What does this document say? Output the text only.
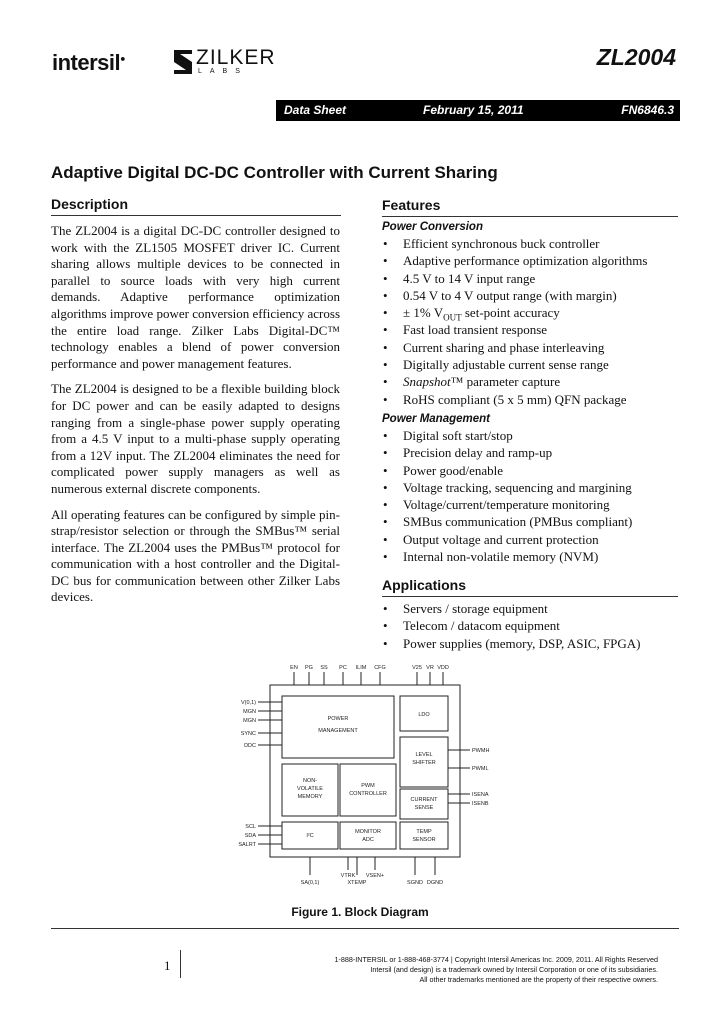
intersil●	ZILKER
LABS
ZL2004
Data Sheet	February 15, 2011	FN6846.3
Adaptive Digital DC-DC Controller with Current Sharing
Description

The ZL2004 is a digital DC-DC controller designed to work with the ZL1505 MOSFET driver IC. Current sharing allows multiple devices to be connected in parallel to source loads with very high current demands. Adaptive performance optimization algorithms improve power conversion efficiency across the entire load range. Zilker Labs Digital-DC™ technology enables a blend of power conversion performance and power management features.

The ZL2004 is designed to be a flexible building block for DC power and can be easily adapted to designs ranging from a single-phase power supply operating from a 4.5 V input to a multi-phase supply operating from a 12V input. The ZL2004 eliminates the need for complicated power supply managers as well as numerous external discrete components.

All operating features can be configured by simple pin-strap/resistor selection or through the SMBus™ serial interface. The ZL2004 uses the PMBus™ protocol for communication with a host controller and the Digital-DC bus for communication between other Zilker Labs devices.

Features
Power Conversion
• Efficient synchronous buck controller
• Adaptive performance optimization algorithms
• 4.5 V to 14 V input range
• 0.54 V to 4 V output range (with margin)
• ± 1% $V_{OUT}$ set-point accuracy
• Fast load transient response
• Current sharing and phase interleaving
• Digitally adjustable current sense range
• Snapshot™ parameter capture
• RoHS compliant (5 x 5 mm) QFN package
Power Management
• Digital soft start/stop
• Precision delay and ramp-up
• Power good/enable
• Voltage tracking, sequencing and margining
• Voltage/current/temperature monitoring
• SMBus communication (PMBus compliant)
• Output voltage and current protection
• Internal non-volatile memory (NVM)
Applications
• Servers / storage equipment
• Telecom / datacom equipment
• Power supplies (memory, DSP, ASIC, FPGA)
EN PG SS PC ILIM CFG	V25 VR VDD
POWER
MANAGEMENT
LDO
LEVEL
SHIFTER
NON-
VOLATILE
MEMORY
PWM
CONTROLLER
CURRENT
SENSE
I²C
MONITOR
ADC
TEMP
SENSOR
SA(0,1)
VTRK
XTEMP
VSEN+
SGND DGND
V(0,1)
MGN
MGN
SYNC
DDC
SCL
SDA
SALRT
PWMH
PWML
ISENA
ISENB
Figure 1. Block Diagram
1	1-888-INTERSIL or 1-888-468-3774 | Copyright Intersil Americas Inc. 2009, 2011. All Rights Reserved
Intersil (and design) is a trademark owned by Intersil Corporation or one of its subsidiaries.
All other trademarks mentioned are the property of their respective owners.
